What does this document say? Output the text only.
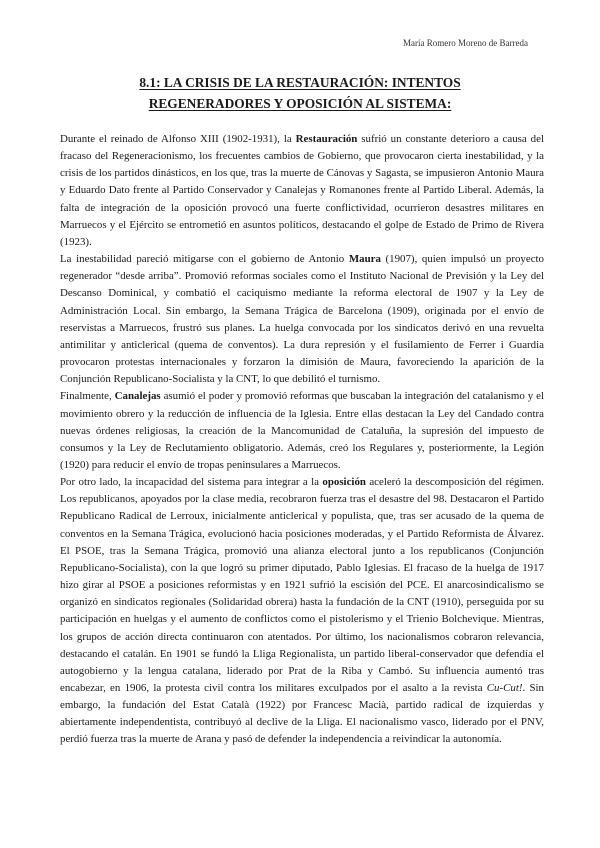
María Romero Moreno de Barreda
8.1: LA CRISIS DE LA RESTAURACIÓN: INTENTOS
REGENERADORES Y OPOSICIÓN AL SISTEMA:

Durante el reinado de Alfonso XIII (1902-1931), la Restauración sufrió un constante deterioro a causa del fracaso del Regeneracionismo, los frecuentes cambios de Gobierno, que provocaron cierta inestabilidad, y la crisis de los partidos dinásticos, en los que, tras la muerte de Cánovas y Sagasta, se impusieron Antonio Maura y Eduardo Dato frente al Partido Conservador y Canalejas y Romanones frente al Partido Liberal. Además, la falta de integración de la oposición provocó una fuerte conflictividad, ocurrieron desastres militares en Marruecos y el Ejército se entrometió en asuntos políticos, destacando el golpe de Estado de Primo de Rivera (1923).

La inestabilidad pareció mitigarse con el gobierno de Antonio Maura (1907), quien impulsó un proyecto regenerador “desde arriba”. Promovió reformas sociales como el Instituto Nacional de Previsión y la Ley del Descanso Dominical, y combatió el caciquismo mediante la reforma electoral de 1907 y la Ley de Administración Local. Sin embargo, la Semana Trágica de Barcelona (1909), originada por el envío de reservistas a Marruecos, frustró sus planes. La huelga convocada por los sindicatos derivó en una revuelta antimilitar y anticlerical (quema de conventos). La dura represión y el fusilamiento de Ferrer i Guardia provocaron protestas internacionales y forzaron la dimisión de Maura, favoreciendo la aparición de la Conjunción Republicano-Socialista y la CNT, lo que debilitó el turnismo.

Finalmente, Canalejas asumió el poder y promovió reformas que buscaban la integración del catalanismo y el movimiento obrero y la reducción de influencia de la Iglesia. Entre ellas destacan la Ley del Candado contra nuevas órdenes religiosas, la creación de la Mancomunidad de Cataluña, la supresión del impuesto de consumos y la Ley de Reclutamiento obligatorio. Además, creó los Regulares y, posteriormente, la Legión (1920) para reducir el envío de tropas peninsulares a Marruecos.

Por otro lado, la incapacidad del sistema para integrar a la oposición aceleró la descomposición del régimen. Los republicanos, apoyados por la clase media, recobraron fuerza tras el desastre del 98. Destacaron el Partido Republicano Radical de Lerroux, inicialmente anticlerical y populista, que, tras ser acusado de la quema de conventos en la Semana Trágica, evolucionó hacia posiciones moderadas, y el Partido Reformista de Álvarez. El PSOE, tras la Semana Trágica, promovió una alianza electoral junto a los republicanos (Conjunción Republicano-Socialista), con la que logró su primer diputado, Pablo Iglesias. El fracaso de la huelga de 1917 hizo girar al PSOE a posiciones reformistas y en 1921 sufrió la escisión del PCE. El anarcosindicalismo se organizó en sindicatos regionales (Solidaridad obrera) hasta la fundación de la CNT (1910), perseguida por su participación en huelgas y el aumento de conflictos como el pistolerismo y el Trienio Bolchevique. Mientras, los grupos de acción directa continuaron con atentados. Por último, los nacionalismos cobraron relevancia, destacando el catalán. En 1901 se fundó la Lliga Regionalista, un partido liberal-conservador que defendía el autogobierno y la lengua catalana, liderado por Prat de la Riba y Cambó. Su influencia aumentó tras encabezar, en 1906, la protesta civil contra los militares exculpados por el asalto a la revista Cu-Cut!. Sin embargo, la fundación del Estat Català (1922) por Francesc Macià, partido radical de izquierdas y abiertamente independentista, contribuyó al declive de la Lliga. El nacionalismo vasco, liderado por el PNV, perdió fuerza tras la muerte de Arana y pasó de defender la independencia a reivindicar la autonomía.
